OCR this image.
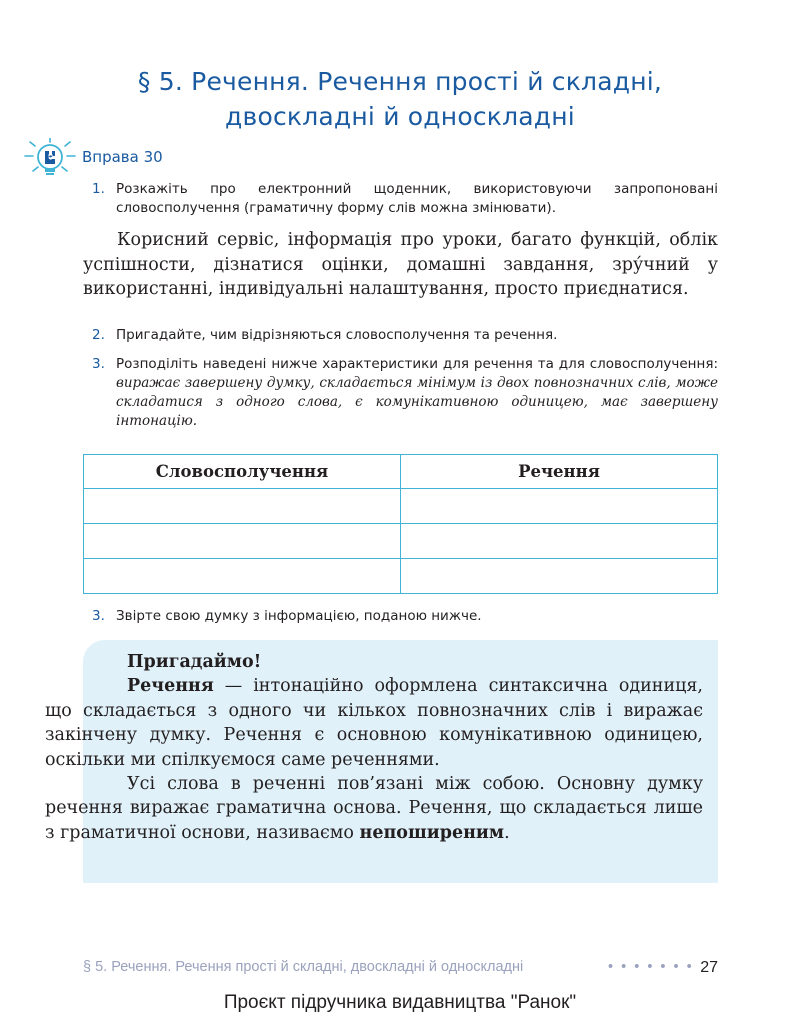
§ 5. Речення. Речення прості й складні,
двоскладні й односкладні
Вправа 30
1. Розкажіть про електронний щоденник, використовуючи запропоновані словосполучення (граматичну форму слів можна змінювати).
Корисний сервіс, інформація про уроки, багато функцій, облік успішности, дізнатися оцінки, домашні завдання, зру́чний у використанні, індивідуальні налаштування, просто приєднатися.
2. Пригадайте, чим відрізняються словосполучення та речення.
3. Розподіліть наведені нижче характеристики для речення та для словосполучення: виражає завершену думку, складається мінімум із двох повнозначних слів, може складатися з одного слова, є комунікативною одиницею, має завершену інтонацію.
Словосполучення	Речення

3. Звірте свою думку з інформацією, поданою нижче.

Пригадаймо!

Речення — інтонаційно оформлена синтаксична одиниця, що складається з одного чи кількох повнозначних слів і виражає закінчену думку. Речення є основною комунікативною одиницею, оскільки ми спілкуємося саме реченнями.

Усі слова в реченні пов’язані між собою. Основну думку речення виражає граматична основа. Речення, що складається лише з граматичної основи, називаємо непоширеним.

§ 5. Речення. Речення прості й складні, двоскладні й односкладні	• • • • • • • 27
Проєкт підручника видавництва "Ранок"
